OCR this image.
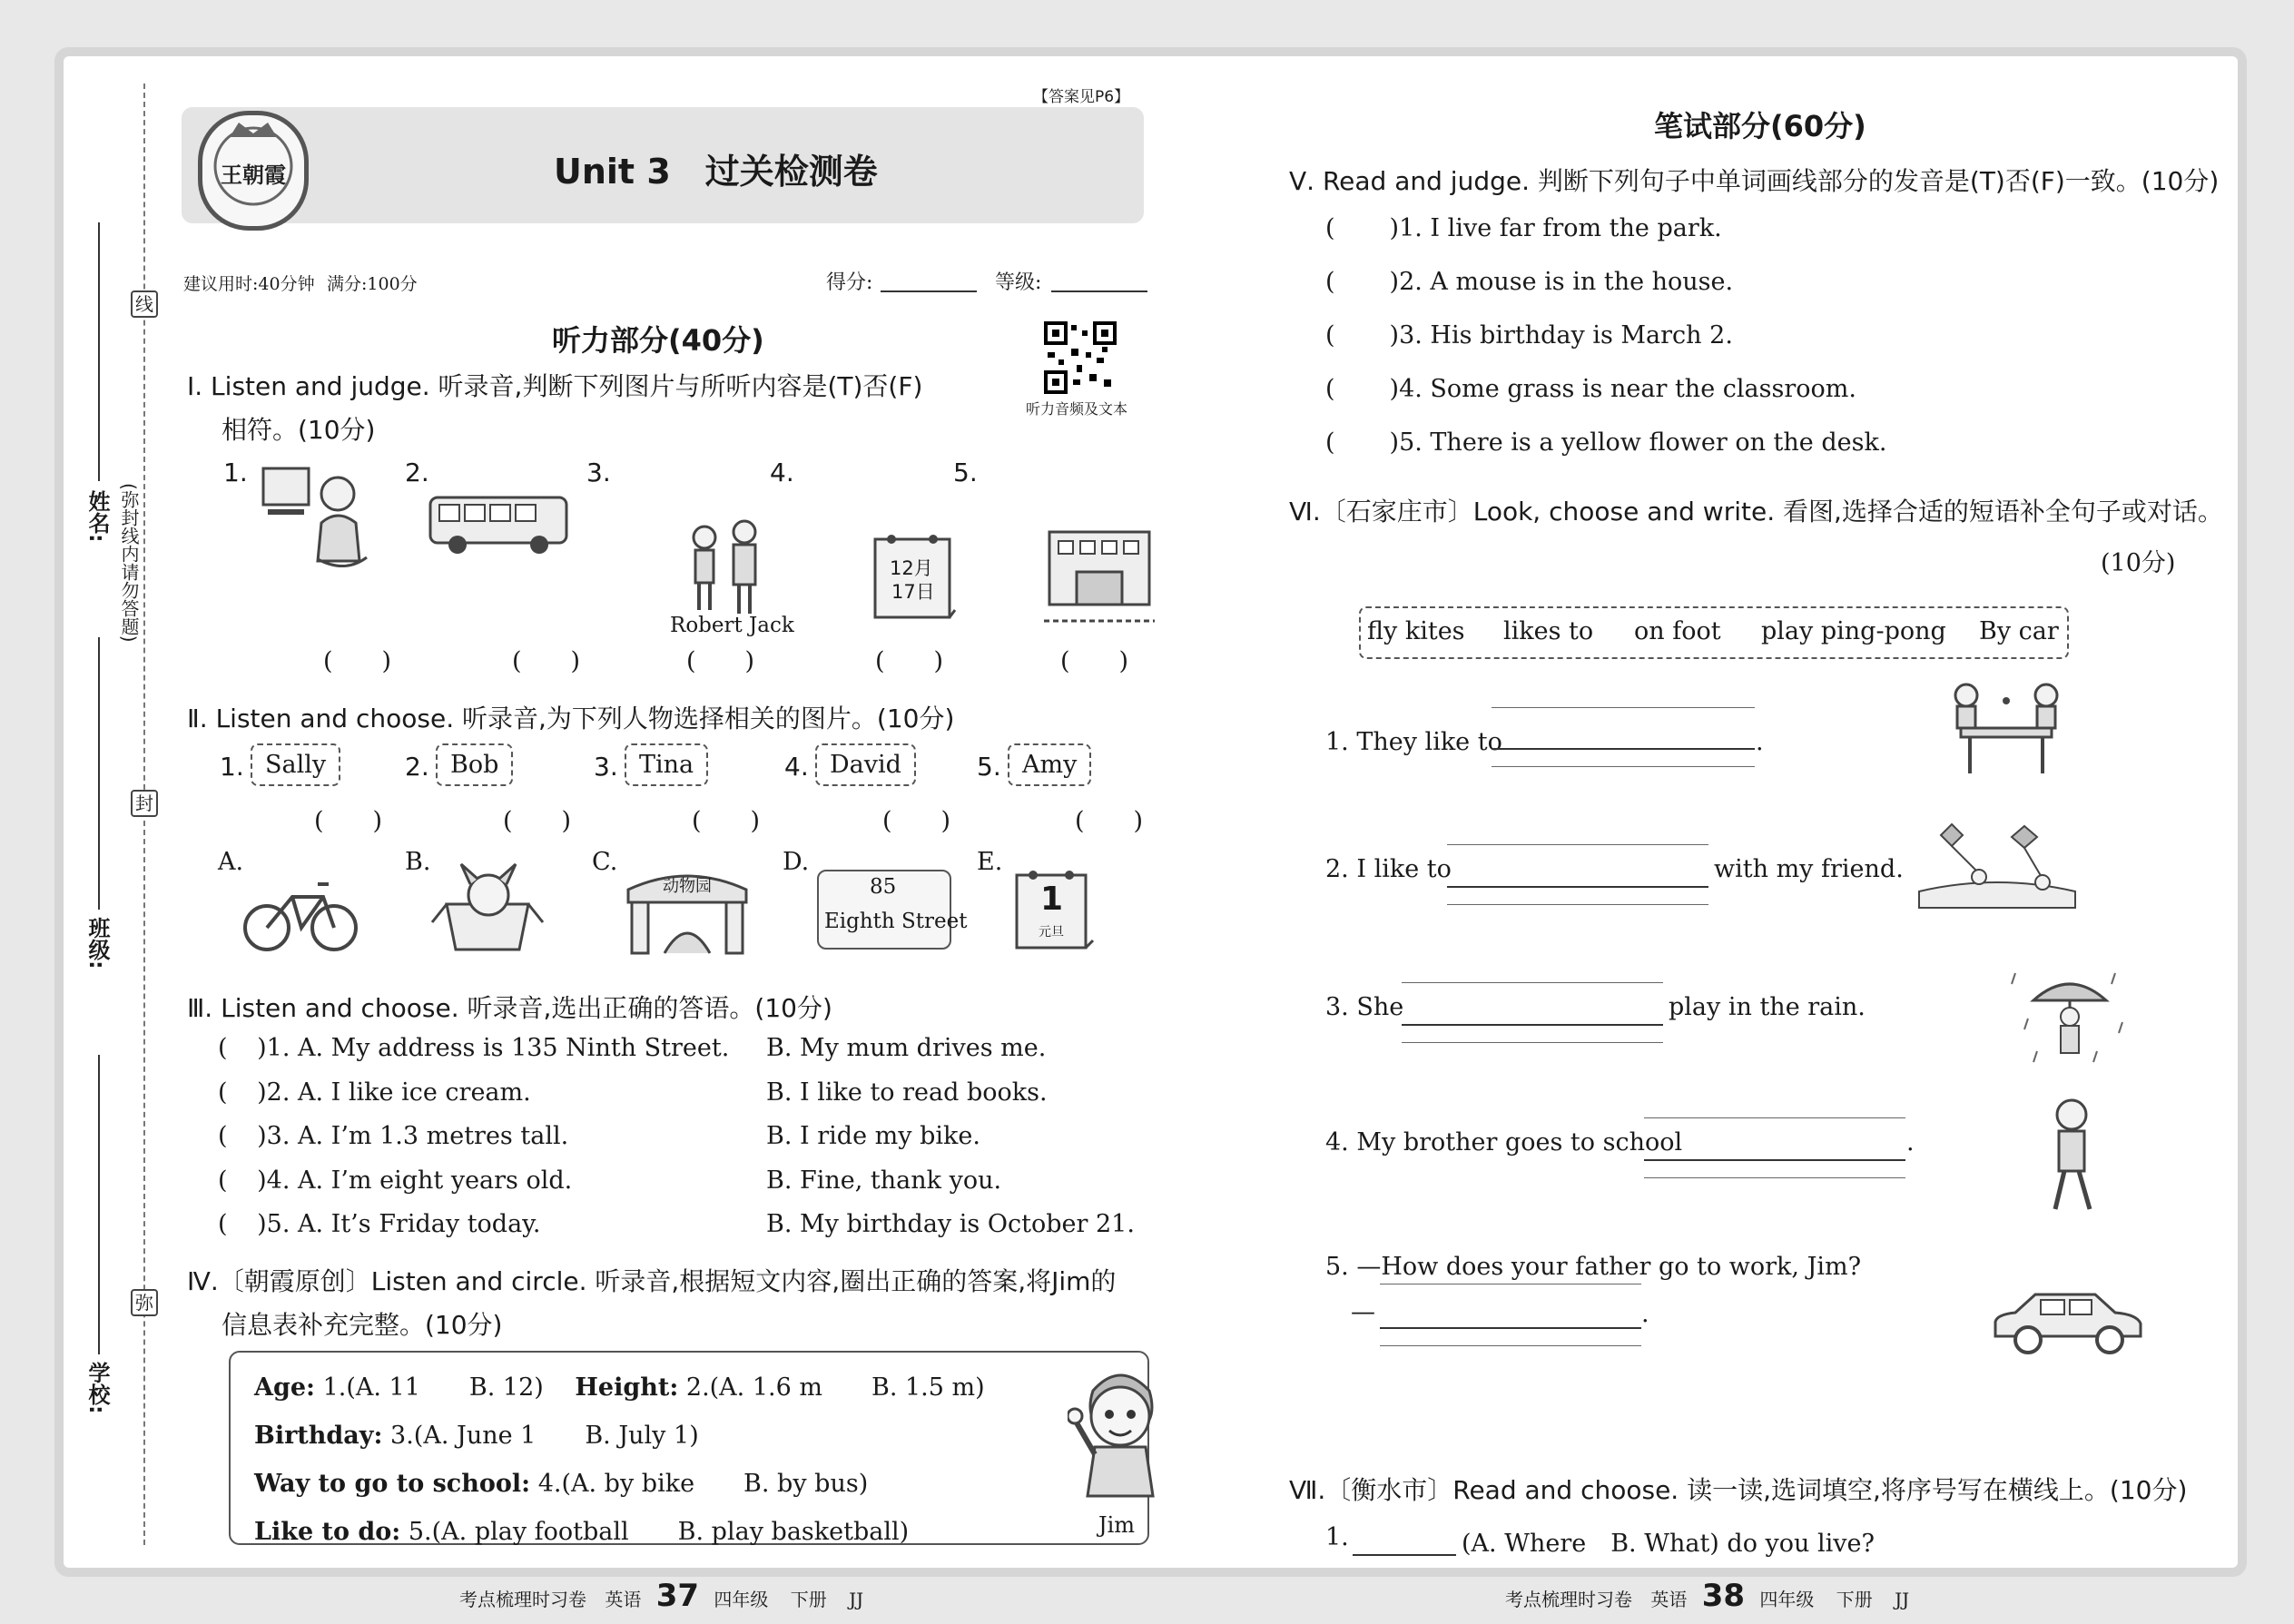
线
封
弥
(弥封线内请勿答题)
姓名:
班级:
学校:
【答案见P6】
王朝霞	Unit 3　过关检测卷
建议用时:40分钟 满分:100分	得分:	等级:
听力部分(40分)
听力音频及文本
Ⅰ. Listen and judge. 听录音,判断下列图片与所听内容是(T)否(F)
相符。(10分)
1.	2.	3.	4.	5.
Robert Jack
12月
17日
(　　)	(　　)	(　　)	(　　)	(　　)
Ⅱ. Listen and choose. 听录音,为下列人物选择相关的图片。(10分)
1. Sally	2. Bob	3. Tina	4. David	5. Amy
(　　)	(　　)	(　　)	(　　)	(　　)
A.	B.	C.
动物园
D.
85
Eighth Street
E.
1
元旦
Ⅲ. Listen and choose. 听录音,选出正确的答语。(10分)
( )1. A. My address is 135 Ninth Street. B. My mum drives me.
( )2. A. I like ice cream.	B. I like to read books.
( )3. A. I’m 1.3 metres tall.	B. I ride my bike.
( )4. A. I’m eight years old.	B. Fine, thank you.
( )5. A. It’s Friday today.	B. My birthday is October 21.
Ⅳ.〔朝霞原创〕Listen and circle. 听录音,根据短文内容,圈出正确的答案,将Jim的
信息表补充完整。(10分)
Age: 1.(A. 11　　B. 12) Height: 2.(A. 1.6 m　　B. 1.5 m)
Birthday: 3.(A. June 1　　B. July 1)
Way to go to school: 4.(A. by bike　　B. by bus)
Like to do: 5.(A. play football　　B. play basketball)	Jim
考点梳理时习卷 英语 37 四年级 下册 JJ
笔试部分(60分)
Ⅴ. Read and judge. 判断下列句子中单词画线部分的发音是(T)否(F)一致。(10分)
( )1. I live far from the park.
( )2. A mouse is in the house.
( )3. His birthday is March 2.
( )4. Some grass is near the classroom.
( )5. There is a yellow flower on the desk.
Ⅵ.〔石家庄市〕Look, choose and write. 看图,选择合适的短语补全句子或对话。
(10分)
fly kites likes to on foot play ping-pong By car
1. They like to	.
2. I like to	with my friend.
3. She	play in the rain.
4. My brother goes to school	.
5. —How does your father go to work, Jim?
—	.
Ⅶ.〔衡水市〕Read and choose. 读一读,选词填空,将序号写在横线上。(10分)
1.	(A. Where　B. What) do you live?
考点梳理时习卷 英语 38 四年级 下册 JJ
